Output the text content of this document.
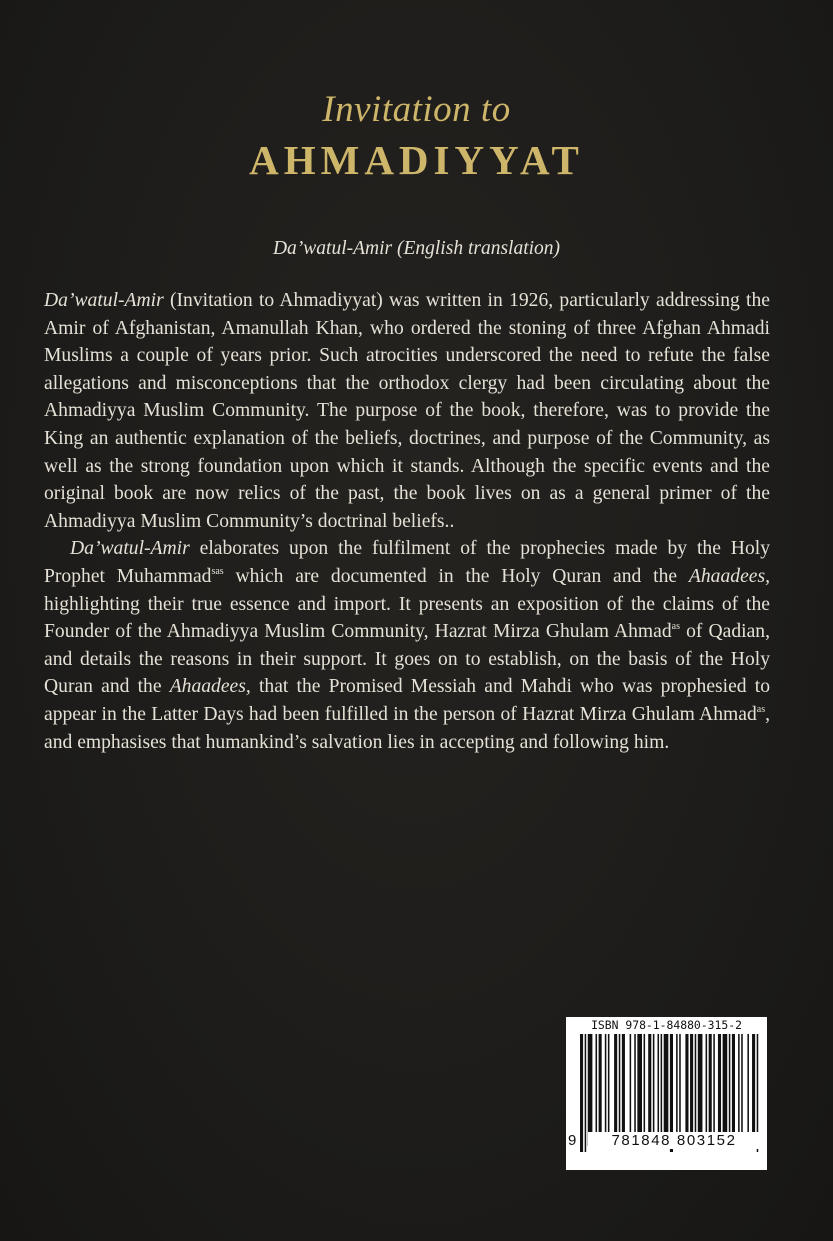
Invitation to
AHMADIYYAT
Da’watul-Amir (English translation)

Da’watul-Amir (Invitation to Ahmadiyyat) was written in 1926, particularly addressing the Amir of Afghanistan, Amanullah Khan, who ordered the stoning of three Afghan Ahmadi Muslims a couple of years prior. Such atrocities underscored the need to refute the false allegations and misconceptions that the orthodox clergy had been circulating about the Ahmadiyya Muslim Community. The purpose of the book, therefore, was to provide the King an authentic explanation of the beliefs, doctrines, and purpose of the Community, as well as the strong foundation upon which it stands. Although the specific events and the original book are now relics of the past, the book lives on as a general primer of the Ahmadiyya Muslim Community’s doctrinal beliefs..

Da’watul-Amir elaborates upon the fulfilment of the prophecies made by the Holy Prophet Muhammad$^{sas}$ which are documented in the Holy Quran and the Ahaadees, highlighting their true essence and import. It presents an exposition of the claims of the Founder of the Ahmadiyya Muslim Community, Hazrat Mirza Ghulam Ahmad$^{as}$ of Qadian, and details the reasons in their support. It goes on to establish, on the basis of the Holy Quran and the Ahaadees, that the Promised Messiah and Mahdi who was prophesied to appear in the Latter Days had been fulfilled in the person of Hazrat Mirza Ghulam Ahmad$^{as}$, and emphasises that humankind’s salvation lies in accepting and following him.

ISBN 978-1-84880-315-2
9	781848 803152
